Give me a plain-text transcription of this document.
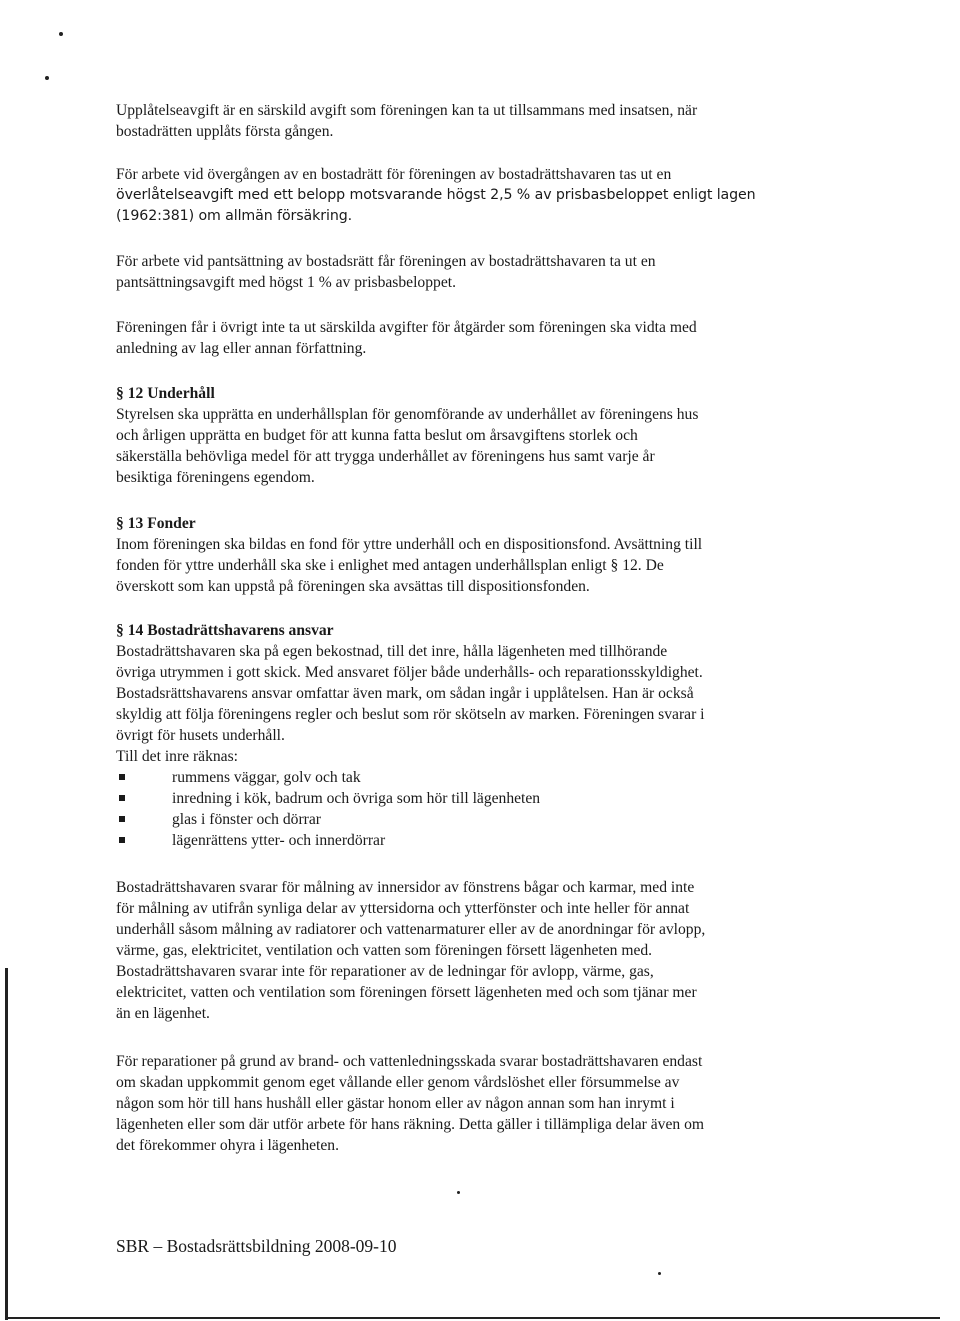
Upplåtelseavgift är en särskild avgift som föreningen kan ta ut tillsammans med insatsen, när
bostadrätten upplåts första gången.
För arbete vid övergången av en bostadrätt för föreningen av bostadrättshavaren tas ut en
överlåtelseavgift med ett belopp motsvarande högst 2,5 % av prisbasbeloppet enligt lagen
(1962:381) om allmän försäkring.
För arbete vid pantsättning av bostadsrätt får föreningen av bostadrättshavaren ta ut en
pantsättningsavgift med högst 1 % av prisbasbeloppet.
Föreningen får i övrigt inte ta ut särskilda avgifter för åtgärder som föreningen ska vidta med
anledning av lag eller annan författning.
§ 12 Underhåll
Styrelsen ska upprätta en underhållsplan för genomförande av underhållet av föreningens hus
och årligen upprätta en budget för att kunna fatta beslut om årsavgiftens storlek och
säkerställa behövliga medel för att trygga underhållet av föreningens hus samt varje år
besiktiga föreningens egendom.
§ 13 Fonder
Inom föreningen ska bildas en fond för yttre underhåll och en dispositionsfond. Avsättning till
fonden för yttre underhåll ska ske i enlighet med antagen underhållsplan enligt § 12. De
överskott som kan uppstå på föreningen ska avsättas till dispositionsfonden.
§ 14 Bostadrättshavarens ansvar
Bostadrättshavaren ska på egen bekostnad, till det inre, hålla lägenheten med tillhörande
övriga utrymmen i gott skick. Med ansvaret följer både underhålls- och reparationsskyldighet.
Bostadsrättshavarens ansvar omfattar även mark, om sådan ingår i upplåtelsen. Han är också
skyldig att följa föreningens regler och beslut som rör skötseln av marken. Föreningen svarar i
övrigt för husets underhåll.
Till det inre räknas:
rummens väggar, golv och tak
inredning i kök, badrum och övriga som hör till lägenheten
glas i fönster och dörrar
lägenrättens ytter- och innerdörrar
Bostadrättshavaren svarar för målning av innersidor av fönstrens bågar och karmar, med inte
för målning av utifrån synliga delar av yttersidorna och ytterfönster och inte heller för annat
underhåll såsom målning av radiatorer och vattenarmaturer eller av de anordningar för avlopp,
värme, gas, elektricitet, ventilation och vatten som föreningen försett lägenheten med.
Bostadrättshavaren svarar inte för reparationer av de ledningar för avlopp, värme, gas,
elektricitet, vatten och ventilation som föreningen försett lägenheten med och som tjänar mer
än en lägenhet.
För reparationer på grund av brand- och vattenledningsskada svarar bostadrättshavaren endast
om skadan uppkommit genom eget vållande eller genom vårdslöshet eller försummelse av
någon som hör till hans hushåll eller gästar honom eller av någon annan som han inrymt i
lägenheten eller som där utför arbete för hans räkning. Detta gäller i tillämpliga delar även om
det förekommer ohyra i lägenheten.
SBR – Bostadsrättsbildning 2008-09-10
